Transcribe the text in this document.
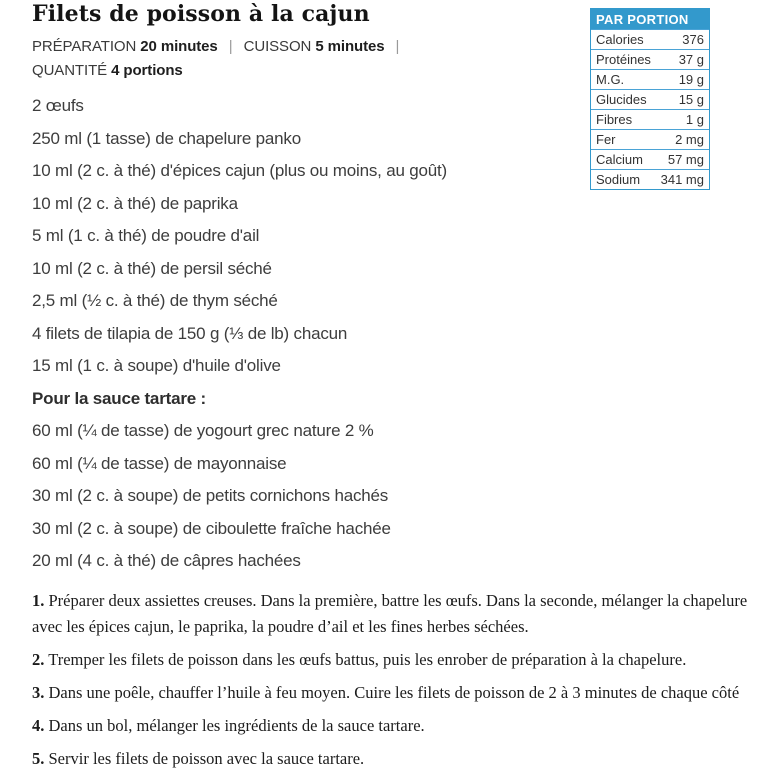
Filets de poisson à la cajun
PRÉPARATION 20 minutes | CUISSON 5 minutes | QUANTITÉ 4 portions
PAR PORTION
Calories	376
Protéines 37 g
M.G.	19 g
Glucides 15 g
Fibres	1 g
Fer	2 mg
Calcium 57 mg
Sodium 341 mg

2 œufs

250 ml (1 tasse) de chapelure panko

10 ml (2 c. à thé) d'épices cajun (plus ou moins, au goût)

10 ml (2 c. à thé) de paprika

5 ml (1 c. à thé) de poudre d'ail

10 ml (2 c. à thé) de persil séché

2,5 ml (½ c. à thé) de thym séché

4 filets de tilapia de 150 g (⅓ de lb) chacun

15 ml (1 c. à soupe) d'huile d'olive

Pour la sauce tartare :

60 ml (¼ de tasse) de yogourt grec nature 2 %

60 ml (¼ de tasse) de mayonnaise

30 ml (2 c. à soupe) de petits cornichons hachés

30 ml (2 c. à soupe) de ciboulette fraîche hachée

20 ml (4 c. à thé) de câpres hachées

1. Préparer deux assiettes creuses. Dans la première, battre les œufs. Dans la seconde, mélanger la chapelure avec les épices cajun, le paprika, la poudre d’ail et les fines herbes séchées.

2. Tremper les filets de poisson dans les œufs battus, puis les enrober de préparation à la chapelure.

3. Dans une poêle, chauffer l’huile à feu moyen. Cuire les filets de poisson de 2 à 3 minutes de chaque côté

4. Dans un bol, mélanger les ingrédients de la sauce tartare.

5. Servir les filets de poisson avec la sauce tartare.
